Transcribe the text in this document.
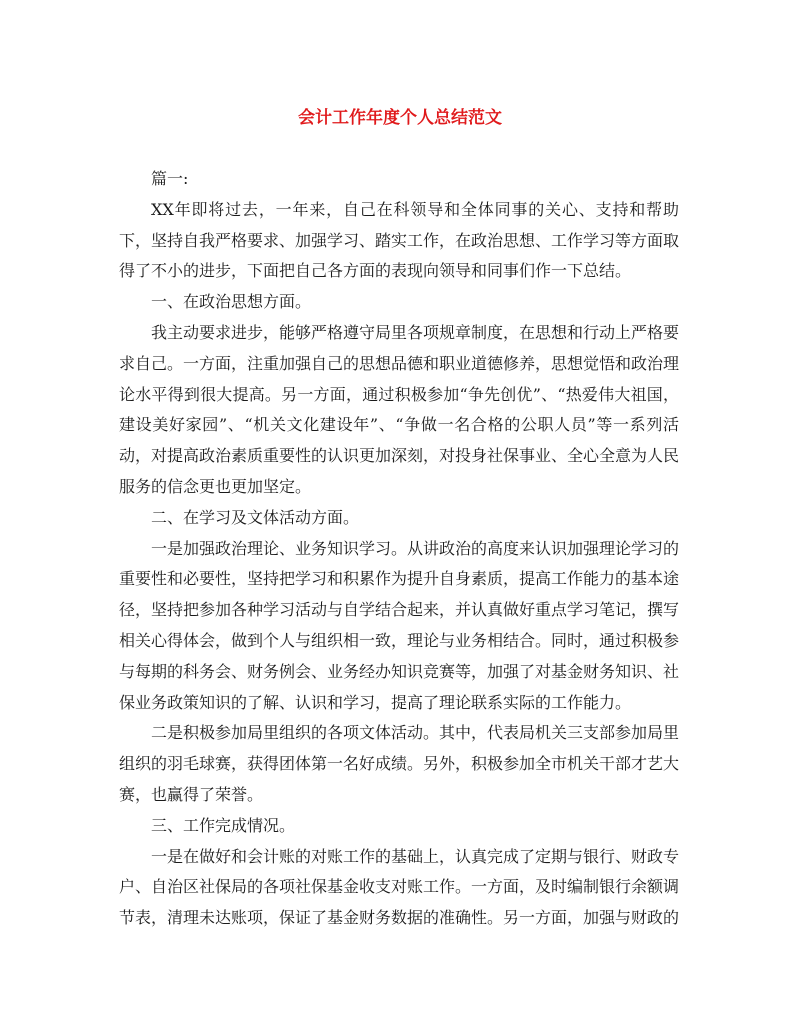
会计工作年度个人总结范文

篇一:

XX年即将过去，一年来，自己在科领导和全体同事的关心、支持和帮助下，坚持自我严格要求、加强学习、踏实工作，在政治思想、工作学习等方面取得了不小的进步，下面把自己各方面的表现向领导和同事们作一下总结。

一、在政治思想方面。

我主动要求进步，能够严格遵守局里各项规章制度，在思想和行动上严格要求自己。一方面，注重加强自己的思想品德和职业道德修养，思想觉悟和政治理论水平得到很大提高。另一方面，通过积极参加“争先创优”、“热爱伟大祖国，建设美好家园”、“机关文化建设年”、“争做一名合格的公职人员”等一系列活动，对提高政治素质重要性的认识更加深刻，对投身社保事业、全心全意为人民服务的信念更也更加坚定。

二、在学习及文体活动方面。

一是加强政治理论、业务知识学习。从讲政治的高度来认识加强理论学习的重要性和必要性，坚持把学习和积累作为提升自身素质，提高工作能力的基本途径，坚持把参加各种学习活动与自学结合起来，并认真做好重点学习笔记，撰写相关心得体会，做到个人与组织相一致，理论与业务相结合。同时，通过积极参与每期的科务会、财务例会、业务经办知识竞赛等，加强了对基金财务知识、社保业务政策知识的了解、认识和学习，提高了理论联系实际的工作能力。

二是积极参加局里组织的各项文体活动。其中，代表局机关三支部参加局里组织的羽毛球赛，获得团体第一名好成绩。另外，积极参加全市机关干部才艺大赛，也赢得了荣誉。

三、工作完成情况。

一是在做好和会计账的对账工作的基础上，认真完成了定期与银行、财政专户、自治区社保局的各项社保基金收支对账工作。一方面，及时编制银行余额调节表，清理未达账项，保证了基金财务数据的准确性。另一方面，加强与财政的
